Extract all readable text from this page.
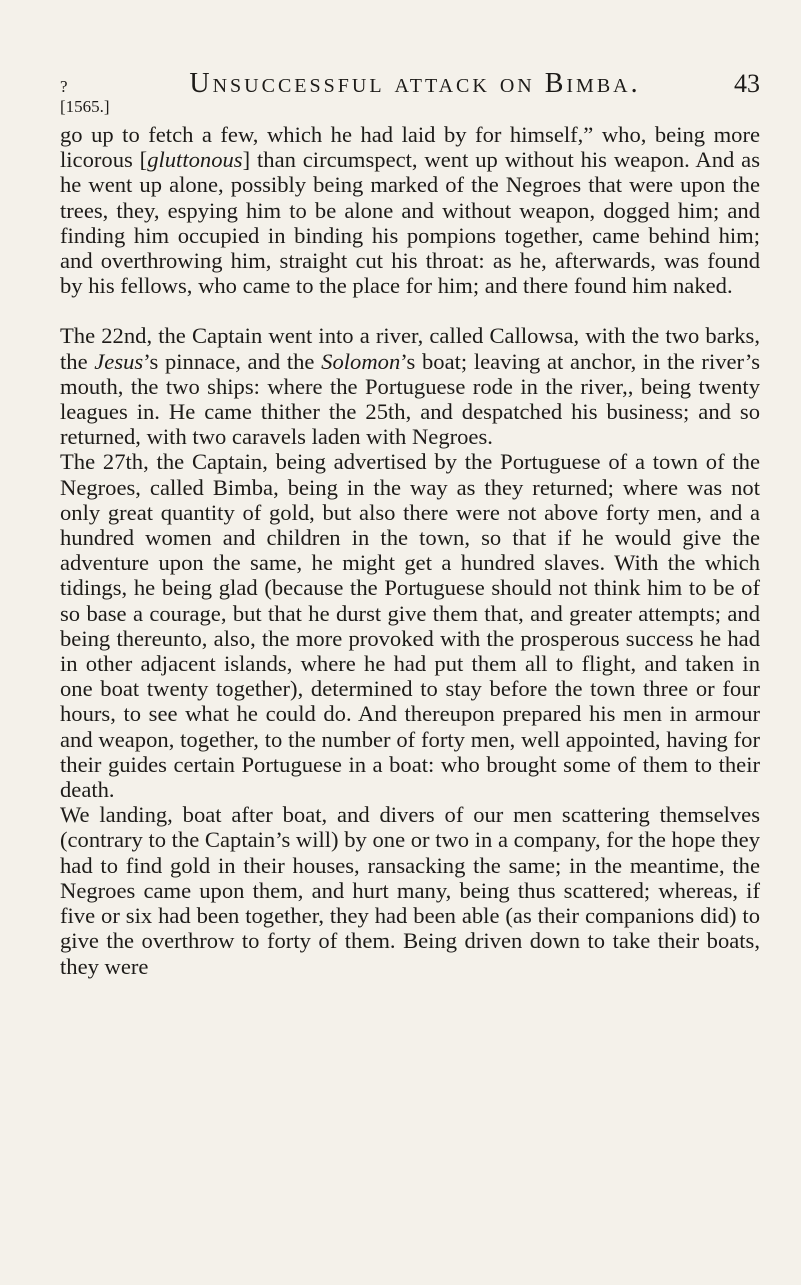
? [1565.]
Unsuccessful attack on Bimba.	43

go up to fetch a few, which he had laid by for himself,” who, being more licorous [gluttonous] than circumspect, went up without his weapon. And as he went up alone, possibly being marked of the Negroes that were upon the trees, they, espying him to be alone and without weapon, dogged him; and finding him occupied in binding his pompions together, came behind him; and overthrowing him, straight cut his throat: as he, afterwards, was found by his fellows, who came to the place for him; and there found him naked.

The 22nd, the Captain went into a river, called Callowsa, with the two barks, the Jesus’s pinnace, and the Solomon’s boat; leaving at anchor, in the river’s mouth, the two ships: where the Portuguese rode in the river,, being twenty leagues in. He came thither the 25th, and despatched his business; and so returned, with two caravels laden with Negroes.

The 27th, the Captain, being advertised by the Portuguese of a town of the Negroes, called Bimba, being in the way as they returned; where was not only great quantity of gold, but also there were not above forty men, and a hundred women and children in the town, so that if he would give the adventure upon the same, he might get a hundred slaves. With the which tidings, he being glad (because the Portuguese should not think him to be of so base a courage, but that he durst give them that, and greater attempts; and being thereunto, also, the more provoked with the prosperous success he had in other adjacent islands, where he had put them all to flight, and taken in one boat twenty together), determined to stay before the town three or four hours, to see what he could do. And thereupon prepared his men in armour and weapon, together, to the number of forty men, well appointed, having for their guides certain Portuguese in a boat: who brought some of them to their death.

We landing, boat after boat, and divers of our men scattering themselves (contrary to the Captain’s will) by one or two in a company, for the hope they had to find gold in their houses, ransacking the same; in the meantime, the Negroes came upon them, and hurt many, being thus scattered; whereas, if five or six had been together, they had been able (as their companions did) to give the overthrow to forty of them. Being driven down to take their boats, they were
